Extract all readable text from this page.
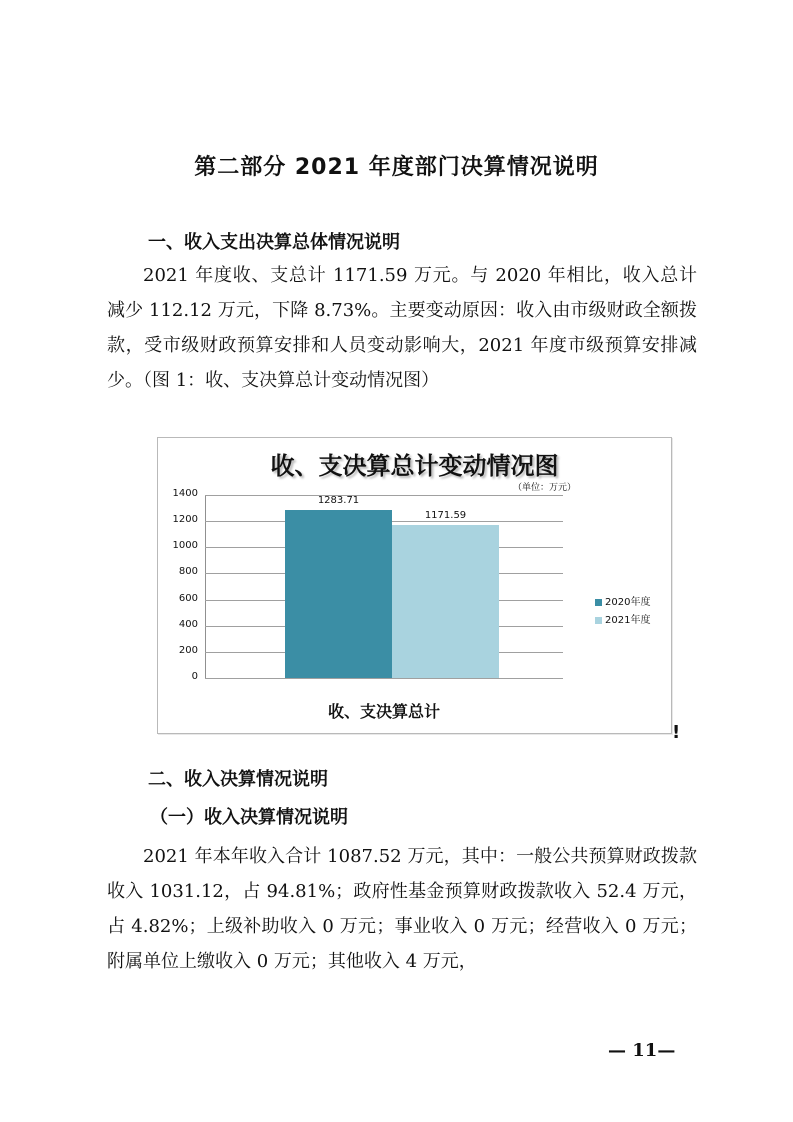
第二部分 2021 年度部门决算情况说明
一、收入支出决算总体情况说明
2021 年度收、支总计 1171.59 万元。与 2020 年相比，收入总计减少 112.12 万元，下降 8.73%。主要变动原因：收入由市级财政全额拨款，受市级财政预算安排和人员变动影响大，2021 年度市级预算安排减少。（图 1：收、支决算总计变动情况图）
收、支决算总计变动情况图
（单位：万元）
0
200
400
600
800
1000
1200
1400
1283.71
1171.59
收、支决算总计
2020年度
2021年度
!
二、收入决算情况说明
（一）收入决算情况说明
2021 年本年收入合计 1087.52 万元，其中：一般公共预算财政拨款收入 1031.12，占 94.81%；政府性基金预算财政拨款收入 52.4 万元，占 4.82%；上级补助收入 0 万元；事业收入 0 万元；经营收入 0 万元；附属单位上缴收入 0 万元；其他收入 4 万元，
— 11—
